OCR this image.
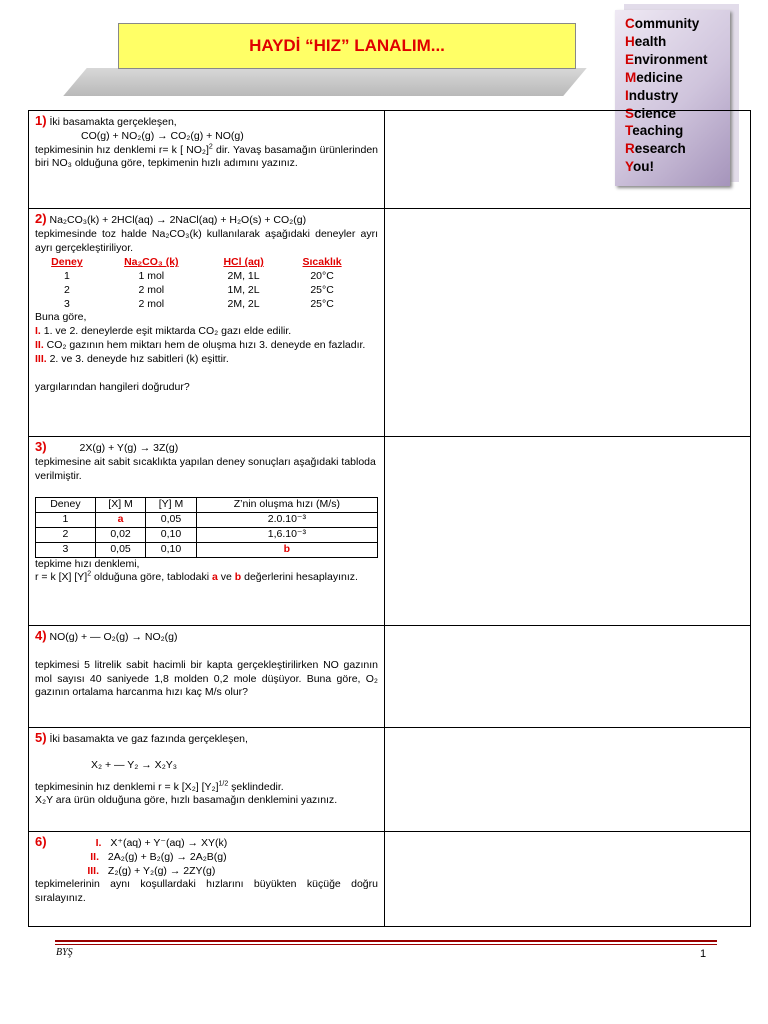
HAYDİ “HIZ” LANALIM...
Community
Health
Environment
Medicine
Industry
Science
Teaching
Research
You!
1) İki basamakta gerçekleşen,
CO(g) + NO₂(g) → CO₂(g) + NO(g)
tepkimesinin hız denklemi r= k [ NO₂]$^2$ dir. Yavaş basamağın ürünlerinden biri NO₃ olduğuna göre, tepkimenin hızlı adımını yazınız.

2) Na₂CO₃(k) + 2HCl(aq) → 2NaCl(aq) + H₂O(s) + CO₂(g)
tepkimesinde toz halde Na₂CO₃(k) kullanılarak aşağıdaki deneyler ayrı ayrı gerçekleştiriliyor.
Deney	Na₂CO₃ (k)	HCl (aq)	Sıcaklık
1	1 mol	2M, 1L	20°C
2	2 mol	1M, 2L	25°C
3	2 mol	2M, 2L	25°C
Buna göre,
I. 1. ve 2. deneylerde eşit miktarda CO₂ gazı elde edilir.
II. CO₂ gazının hem miktarı hem de oluşma hızı 3. deneyde en fazladır.
III. 2. ve 3. deneyde hız sabitleri (k) eşittir.
yargılarından hangileri doğrudur?

3)	2X(g) + Y(g) → 3Z(g)
tepkimesine ait sabit sıcaklıkta yapılan deney sonuçları aşağıdaki tabloda verilmiştir.
Deney	[X] M	[Y] M	Z’nin oluşma hızı (M/s)
1	a	0,05	2.0.10⁻³
2	0,02	0,10	1,6.10⁻³
3	0,05	0,10	b
tepkime hızı denklemi,
r = k [X] $[Y]^2$ olduğuna göre, tablodaki a ve b değerlerini hesaplayınız.

4) NO(g) + — O₂(g) → NO₂(g)
tepkimesi 5 litrelik sabit hacimli bir kapta gerçekleştirilirken NO gazının mol sayısı 40 saniyede 1,8 molden 0,2 mole düşüyor. Buna göre, O₂ gazının ortalama harcanma hızı kaç M/s olur?

5) İki basamakta ve gaz fazında gerçekleşen,
X₂ + — Y₂ → X₂Y₃
tepkimesinin hız denklemi r = k [X₂] $[Y_2]^{1/2}$ şeklindedir.
X₂Y ara ürün olduğuna göre, hızlı basamağın denklemini yazınız.

6)	I. X⁺(aq) + Y⁻(aq) → XY(k)
II. 2A₂(g) + B₂(g) → 2A₂B(g)
III. Z₂(g) + Y₂(g) → 2ZY(g)
tepkimelerinin aynı koşullardaki hızlarını büyükten küçüğe doğru sıralayınız.

BYŞ	1
